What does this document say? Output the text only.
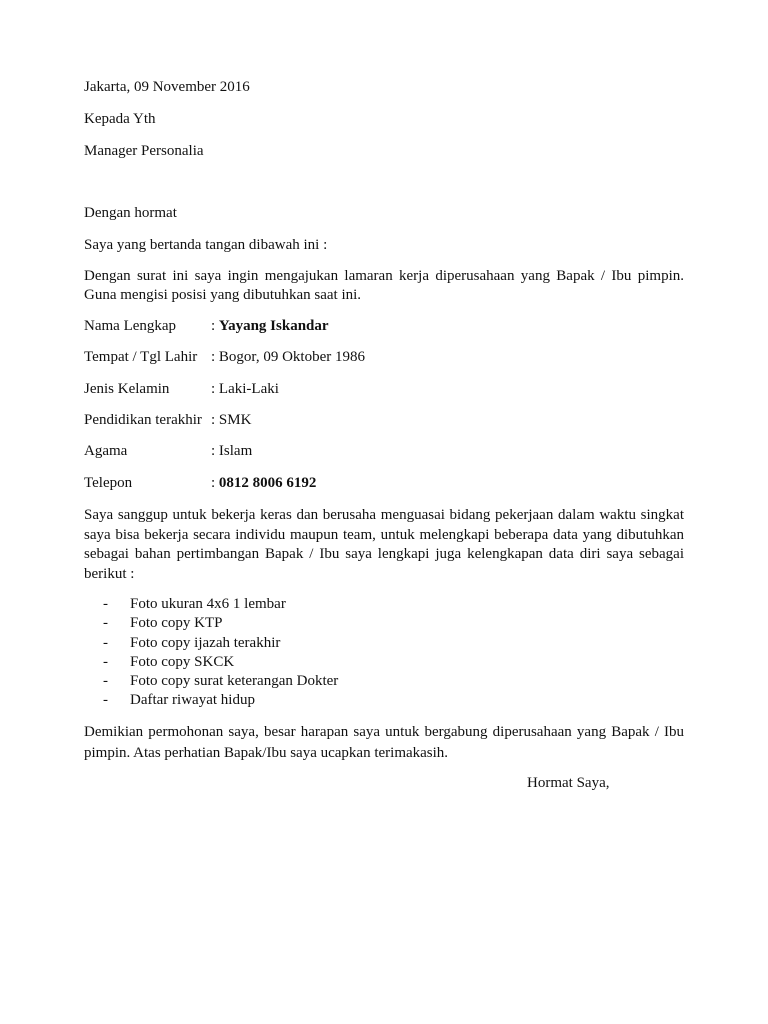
Jakarta, 09 November 2016
Kepada Yth
Manager Personalia
Dengan hormat
Saya yang bertanda tangan dibawah ini :
Dengan surat ini saya ingin mengajukan lamaran kerja diperusahaan yang Bapak / Ibu pimpin. Guna mengisi posisi yang dibutuhkan saat ini.
Nama Lengkap : Yayang Iskandar
Tempat / Tgl Lahir : Bogor, 09 Oktober 1986
Jenis Kelamin	: Laki-Laki
Pendidikan terakhir : SMK
Agama	: Islam
Telepon	: 0812 8006 6192
Saya sanggup untuk bekerja keras dan berusaha menguasai bidang pekerjaan dalam waktu singkat saya bisa bekerja secara individu maupun team, untuk melengkapi beberapa data yang dibutuhkan sebagai bahan pertimbangan Bapak / Ibu saya lengkapi juga kelengkapan data diri saya sebagai berikut :
- Foto ukuran 4x6 1 lembar
- Foto copy KTP
- Foto copy ijazah terakhir
- Foto copy SKCK
- Foto copy surat keterangan Dokter
- Daftar riwayat hidup
Demikian permohonan saya, besar harapan saya untuk bergabung diperusahaan yang Bapak / Ibu pimpin. Atas perhatian Bapak/Ibu saya ucapkan terimakasih.
Hormat Saya,
